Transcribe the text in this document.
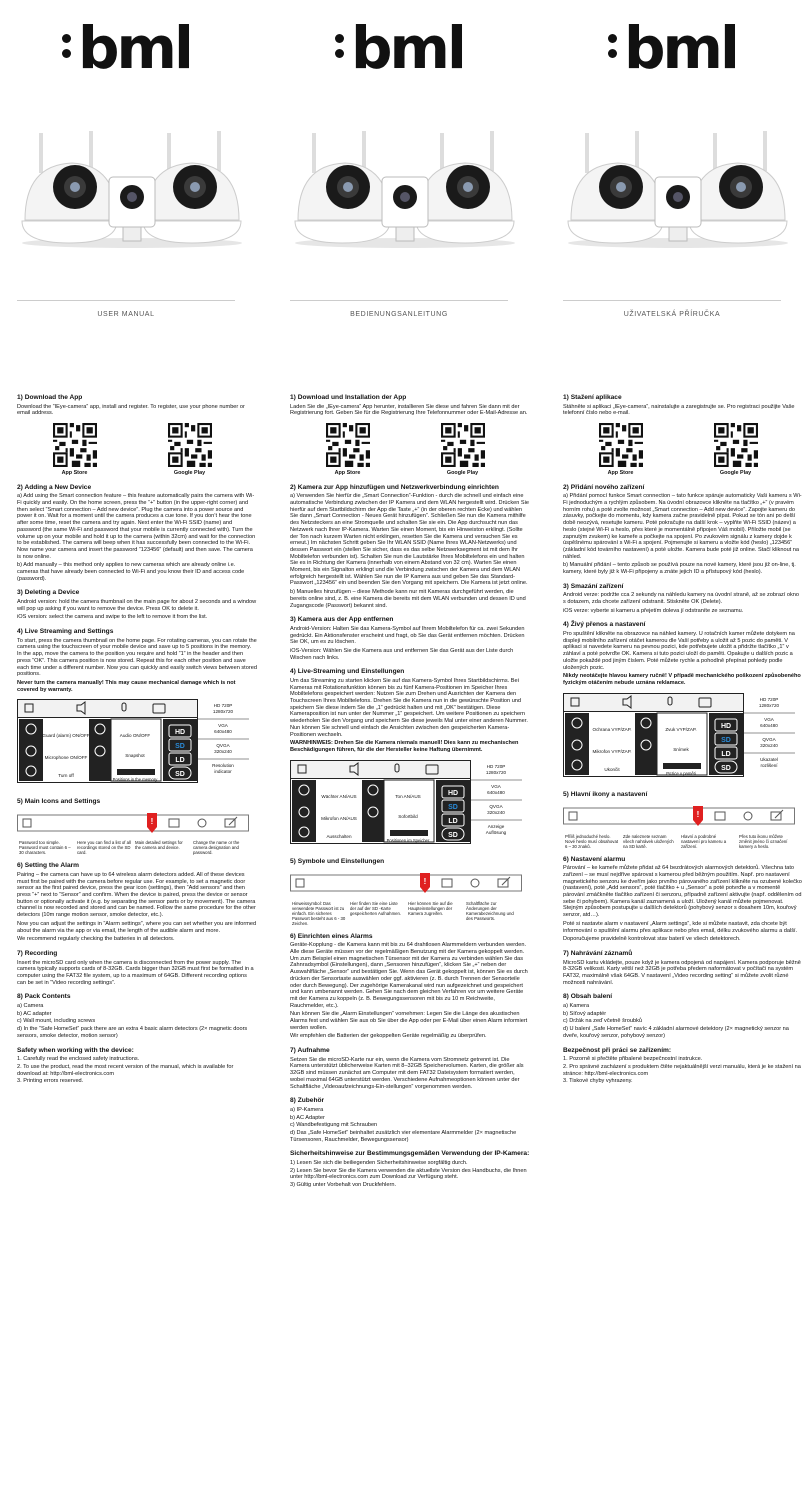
bml
USER MANUAL
1) Download the App

Download the “IEye-camera” app, install and register. To register, use your phone number or email address.

App Store	Google Play
2) Adding a New Device

a) Add using the Smart connection feature – this feature automatically pairs the camera with Wi-Fi quickly and easily. On the home screen, press the “+” button (in the upper-right corner) and then select “Smart connection – Add new device”. Plug the camera into a power source and power it on. Wait for a moment until the camera produces a cue tone. If you don’t hear the tone after some time, reset the camera and try again. Next enter the Wi-Fi SSID (name) and password (the same Wi-Fi and password that your mobile is currently connected with). Turn the volume up on your mobile and hold it up to the camera (within 32cm) and wait for the connection to be established. The camera will beep when it has successfully been connected to the Wi-Fi. Now name your camera and insert the password “123456” (default) and then save. The camera is now online.

b) Add manually – this method only applies to new cameras which are already online i.e. cameras that have already been connected to Wi-Fi and you know their ID and access code (password).

3) Deleting a Device

Android version: hold the camera thumbnail on the main page for about 2 seconds and a window will pop up asking if you want to remove the device. Press OK to delete it.

iOS version: select the camera and swipe to the left to remove it from the list.

4) Live Streaming and Settings

To start, press the camera thumbnail on the home page. For rotating cameras, you can rotate the camera using the touchscreen of your mobile device and save up to 5 positions in the memory. In the app, move the camera to the position you require and hold “1” in the header and then press “OK”. This camera position is now stored. Repeat this for each other position and save each time under a different number. Now you can quickly and easily switch views between stored positions.

Never turn the camera manually! This may cause mechanical damage which is not covered by warranty.

Guard (alarm) ON/OFF	Audio ON/OFF
Microphone ON/OFF	Snapshot
Turn off
Positions in the memory
HD
SD
LD
SD
HD 720P
1280x720
VGA
640x480
QVGA
320x240
Resolution
indicator
5) Main Icons and Settings
!
Password too simple. Password must contain 6 – 30 characters.
Here you can find a list of all recordings stored on the SD card.
Main detailed settings for the camera and device.
Change the name or the camera designation and password.
6) Setting the Alarm

Pairing – the camera can have up to 64 wireless alarm detectors added. All of these devices must first be paired with the camera before regular use. For example, to set a magnetic door sensor as the first paired device, press the gear icon (settings), then “Add sensors” and then press “+” next to “Sensor” and confirm. When the device is paired, press the device or sensor button or optionally activate it (e.g. by separating the sensor parts or by movement). The camera channel is now recorded and stored and can be named. Follow the same procedure for the other detectors (10m range motion sensor, smoke detector, etc.).

Now you can adjust the settings in “Alarm settings”, where you can set whether you are informed about the alarm via the app or via email, the length of the audible alarm and more.

We recommend regularly checking the batteries in all detectors.

7) Recording

Insert the microSD card only when the camera is disconnected from the power supply. The camera typically supports cards of 8-32GB. Cards bigger than 32GB must first be formatted in a computer using the FAT32 file system, up to a maximum of 64GB. Different recording options can be set in “Video recording settings”.

8) Pack Contents
a) Camera
b) AC adapter
c) Wall mount, including screws
d) In the “Safe HomeSet” pack there are an extra 4 basic alarm detectors (2× magnetic doors sensors, smoke detector, motion sensor)
Safety when working with the device:
1. Carefully read the enclosed safety instructions.
2. To use the product, read the most recent version of the manual, which is available for download at: http://bml-electronics.com
3. Printing errors reserved.
bml
BEDIENUNGSANLEITUNG
1) Download und Installation der App

Laden Sie die „IEye-camera“ App herunter, installieren Sie diese und fahren Sie dann mit der Registrierung fort. Geben Sie für die Registrierung Ihre Telefonnummer oder E-Mail-Adresse an.

App Store	Google Play
2) Kamera zur App hinzufügen und Netzwerkverbindung einrichten

a) Verwenden Sie hierfür die „Smart Connection“-Funktion - durch die schnell und einfach eine automatische Verbindung zwischen der IP Kamera und dem WLAN hergestellt wird. Drücken Sie hierfür auf dem Startbildschirm der App die Taste „+“ (in der oberen rechten Ecke) und wählen Sie dann „Smart Connection - Neues Gerät hinzufügen“. Schließen Sie nun die Kamera mithilfe des Netzsteckers an eine Stromquelle und schalten Sie sie ein. Die App durchsucht nun das Netzwerk nach Ihrer IP-Kamera. Warten Sie einen Moment, bis ein Hinweiston erklingt. (Sollte der Ton nach kurzem Warten nicht erklingen, resetten Sie die Kamera und versuchen Sie es erneut.) Im nächsten Schritt geben Sie Ihr WLAN SSID (Name Ihres WLAN-Netzwerks) und dessen Passwort ein (stellen Sie sicher, dass es das selbe Netzwerksegment ist mit dem Ihr Mobiltelefon verbunden ist). Schalten Sie nun die Lautstärke Ihres Mobiltelefons ein und halten Sie es in Richtung der Kamera (innerhalb von einem Abstand von 32 cm). Warten Sie einen Moment, bis ein Signalton erklingt und die Verbindung zwischen der Kamera und dem WLAN erfolgreich hergestellt ist. Wählen Sie nun die IP Kamera aus und geben Sie das Standard-Passwort „123456“ ein und beenden Sie den Vorgang mit speichern. Die Kamera ist jetzt online.

b) Manuelles hinzufügen – diese Methode kann nur mit Kameras durchgeführt werden, die bereits online sind, z. B. eine Kamera die bereits mit dem WLAN verbunden und dessen ID und Zugangscode (Passwort) bekannt sind.

3) Kamera aus der App entfernen

Android-Version: Halten Sie das Kamera-Symbol auf Ihrem Mobiltelefon für ca. zwei Sekunden gedrückt. Ein Aktionsfenster erscheint und fragt, ob Sie das Gerät entfernen möchten. Drücken Sie OK, um es zu löschen.

iOS-Version: Wählen Sie die Kamera aus und entfernen Sie das Gerät aus der Liste durch Wischen nach links.

4) Live-Streaming und Einstellungen

Um das Streaming zu starten klicken Sie auf das Kamera-Symbol Ihres Startbildschirms. Bei Kameras mit Rotationsfunktion können bis zu fünf Kamera-Positionen im Speicher Ihres Mobiltelefons gespeichert werden: Nutzen Sie zum Drehen und Ausrichten der Kamera den Touchscreen Ihres Mobiltelefons. Drehen Sie die Kamera nun in die gewünschte Position und speichern Sie diese indem Sie die „1“ gedrückt halten und mit „OK“ bestätigen. Diese Kameraposition ist nun unter der Nummer „1“ gespeichert. Um weitere Positionen zu speichern wiederholen Sie den Vorgang und speichern Sie diese jeweils Mal unter einer anderen Nummer. Nun können Sie schnell und einfach die Ansichten zwischen den gespeicherten Kamera-Positionen wechseln.

WARNHINWEIS: Drehen Sie die Kamera niemals manuell! Dies kann zu mechanischen Beschädigungen führen, für die der Hersteller keine Haftung übernimmt.

Wächter AN/AUS	Ton AN/AUS
Mikrofon AN/AUS	Sofortbild
Ausschalten
Positionen im Speicher
HD
SD
LD
SD
HD 720P
1280x720
VGA
640x480
QVGA
320x240
Anzeige
Auflösung
5) Symbole und Einstellungen
!
Hinweissymbol: Das verwendete Passwort ist zu einfach. Ein sicheres Passwort besteht aus 6 - 30 Zeichen.
Hier finden Sie eine Liste der auf der SD -Karte gespeicherten Aufnahmen.
Hier können Sie auf die Haupteinstellungen der Kamera zugreifen.
Schaltfläche zur Änderungen der Kamerabezeichnung und des Passworts.
6) Einrichten eines Alarms

Geräte-Kopplung - die Kamera kann mit bis zu 64 drahtlosen Alarmmeldern verbunden werden. Alle diese Geräte müssen vor der regelmäßigen Benutzung mit der Kamera gekoppelt werden. Um zum Beispiel einen magnetischen Türsensor mit der Kamera zu verbinden wählen Sie das Zahnradsymbol (Einstellungen), dann „Sensoren hinzufügen“, klicken Sie „+“ neben der Auswahlfläche „Sensor“ und bestätigen Sie. Wenn das Gerät gekoppelt ist, können Sie es durch drücken der Sensortaste auswählen oder ggf. aktivieren (z. B. durch Trennen der Sensorteile oder durch Bewegung). Der zugehörige Kamerakanal wird nun aufgezeichnet und gespeichert und kann umbenannt werden. Gehen Sie nach dem gleichen Verfahren vor um weitere Geräte mit der Kamera zu koppeln (z. B. Bewegungssensoren mit bis zu 10 m Reichweite, Rauchmelder, etc.).

Nun können Sie die „Alarm Einstellungen“ vornehmen: Legen Sie die Länge des akustischen Alarms fest und wählen Sie aus ob Sie über die App oder per E-Mail über einen Alarm informiert werden wollen.

Wir empfehlen die Batterien der gekoppelten Geräte regelmäßig zu überprüfen.

7) Aufnahme

Setzen Sie die microSD-Karte nur ein, wenn die Kamera vom Stromnetz getrennt ist. Die Kamera unterstützt üblicherweise Karten mit 8–32GB Speichervolumen. Karten, die größer als 32GB sind müssen zunächst am Computer mit dem FAT32 Dateisystem formatiert werden, wobei maximal 64GB unterstützt werden. Verschiedene Aufnahmeoptionen können unter der Schaltfläche „Videoaufzeichnungs-Ein-stellungen“ vorgenommen werden.

8) Zubehör
a) IP-Kamera
b) AC Adapter
c) Wandbefestigung mit Schrauben
d) Das „Safe HomeSet“ beinhaltet zusätzlich vier elementare Alarmmelder (2× magnetische Türsensoren, Rauchmelder, Bewegungssensor)
Sicherheitshinweise zur Bestimmungsgemäßen Verwendung der IP-Kamera:
1) Lesen Sie sich die beiliegenden Sicherheitshinweise sorgfältig durch.
2) Lesen Sie bevor Sie die Kamera verwenden die aktuellste Version des Handbuchs, die Ihnen unter http://bml-electronics.com zum Download zur Verfügung steht.
3) Gültig unter Vorbehalt von Druckfehlern.
bml
UŽIVATELSKÁ PŘÍRUČKA
1) Stažení aplikace

Stáhněte si aplikaci „IEye-camera“, nainstalujte a zaregistrujte se. Pro registraci použijte Vaše telefonní číslo nebo e-mail.

App Store	Google Play
2) Přidání nového zařízení

a) Přidání pomocí funkce Smart connection – tato funkce spáruje automaticky Vaši kameru s Wi-Fi jednoduchým a rychlým způsobem. Na úvodní obrazovce klikněte na tlačítko „+“ (v pravém horním rohu) a poté zvolte možnost „Smart connection – Add new device“. Zapojte kameru do zásuvky, počkejte do momentu, kdy kamera začne pravidelně pípat. Pokud se tón ani po delší době neozývá, resetujte kameru. Poté pokračujte na další krok – vyplňte Wi-Fi SSID (název) a heslo (stejné Wi-Fi a heslo, přes které je momentálně připojen Váš mobil). Přiložte mobil (se zapnutým zvukem) ke kameře a počkejte na spojení. Po zvukovém signálu z kamery dojde k úspěšnému spárování s Wi-Fi a spojení. Pojmenujte si kameru a vložte kód (heslo) „123456“ (základní kód továrního nastavení) a poté uložte. Kamera bude poté již online. Stačí kliknout na náhled.

b) Manuální přidání – tento způsob se používá pouze na nové kamery, které jsou již on-line, tj. kamery, které byly již k Wi-Fi připojeny a znáte jejich ID a přístupový kód (heslo).

3) Smazání zařízení

Android verze: podržte cca 2 sekundy na náhledu kamery na úvodní straně, až se zobrazí okno s dotazem, zda chcete zařízení odstranit. Stiskněte OK (Delete).

iOS verze: vyberte si kameru a přejetím doleva jí odstraníte ze seznamu.

4) Živý přenos a nastavení

Pro spuštění klikněte na obrazovce na náhled kamery. U rotačních kamer můžete dotykem na displeji mobilního zařízení otáčet kamerou dle Vaší potřeby a uložit až 5 pozic do paměti. V aplikaci si navedete kameru na pevnou pozici, kde potřebujete uložit a přidržte tlačítko „1“ v záhlaví a poté potvrďte OK. Kamera si tuto pozici uloží do paměti. Opakujte u dalších pozic a uložte pokaždé pod jiným číslem. Poté můžete rychle a pohodlně přepínat pohledy podle uložených pozic.

Nikdy neotáčejte hlavou kamery ručně! V případě mechanického poškození způsobeného fyzickým otáčením nebude uznána reklamace.

Ochrana VYP/ZAP.	Zvuk VYP/ZAP.
Mikrofon VYP/ZAP.	Snímek
Ukončit
Pozice v paměti
HD
SD
LD
SD
HD 720P
1280x720
VGA
640x480
QVGA
320x240
Ukazatel
rozlišení
5) Hlavní ikony a nastavení
!
Příliš jednoduché heslo. Nové heslo musí obsahovat 6 – 30 znaků.
Zde naleznete seznam všech nahrávek uložených na SD kartě.
Hlavní a podrobné nastavení pro kameru a zařízení.
Přes tuto ikonu můžete změnit jméno či označení kamery a heslo.
6) Nastavení alarmu

Párování – ke kameře můžete přidat až 64 bezdrátových alarmových detektorů. Všechna tato zařízení – se musí nejdříve spárovat s kamerou před běžným použitím. Např. pro nastavení magnetického senzoru ke dveřím jako prvního párovaného zařízení klikněte na ozubené kolečko (nastavení), poté „Add sensors“, poté tlačítko + u „Sensor“ a poté potvrďte a v momentě párování zmáčkněte tlačítko zařízení či senzoru, případně zařízení aktivujte (např. oddělením od sebe či pohybem). Kamera kanál zaznamená a uloží. Uložený kanál můžete pojmenovat. Stejným způsobem postupujte u dalších detektorů (pohybový senzor s dosahem 10m, kouřový senzor, atd…).

Poté si nastavte alarm v nastavení „Alarm settings“, kde si můžete nastavit, zda chcete být informování o spuštění alarmu přes aplikace nebo přes email, délku zvukového alarmu a další.

Doporučujeme pravidelně kontrolovat stav baterií ve všech detektorech.

7) Nahrávání záznamů

MicroSD kartu vkládejte, pouze když je kamera odpojená od napájení. Kamera podporuje běžně 8-32GB velikosti. Karty větší než 32GB je potřeba předem naformátovat v počítači na systém FAT32, maximálně však 64GB. V nastavení „Video recording setting“ si můžete zvolit různé možnosti nahrávání.

8) Obsah balení
a) Kamera
b) Síťový adaptér
c) Držák na zeď včetně šroubků
d) U balení „Safe HomeSet“ navíc 4 základní alarmové detektory (2× magnetický senzor na dveře, kouřový senzor, pohybový senzor)
Bezpečnost při práci se zařízením:
1. Pozorně si přečtěte přibalené bezpečnostní instrukce.
2. Pro správné zacházení s produktem čtěte nejaktuálnější verzi manuálu, která je ke stažení na stránce: http://bml-electronics.com
3. Tiskové chyby vyhrazeny.
